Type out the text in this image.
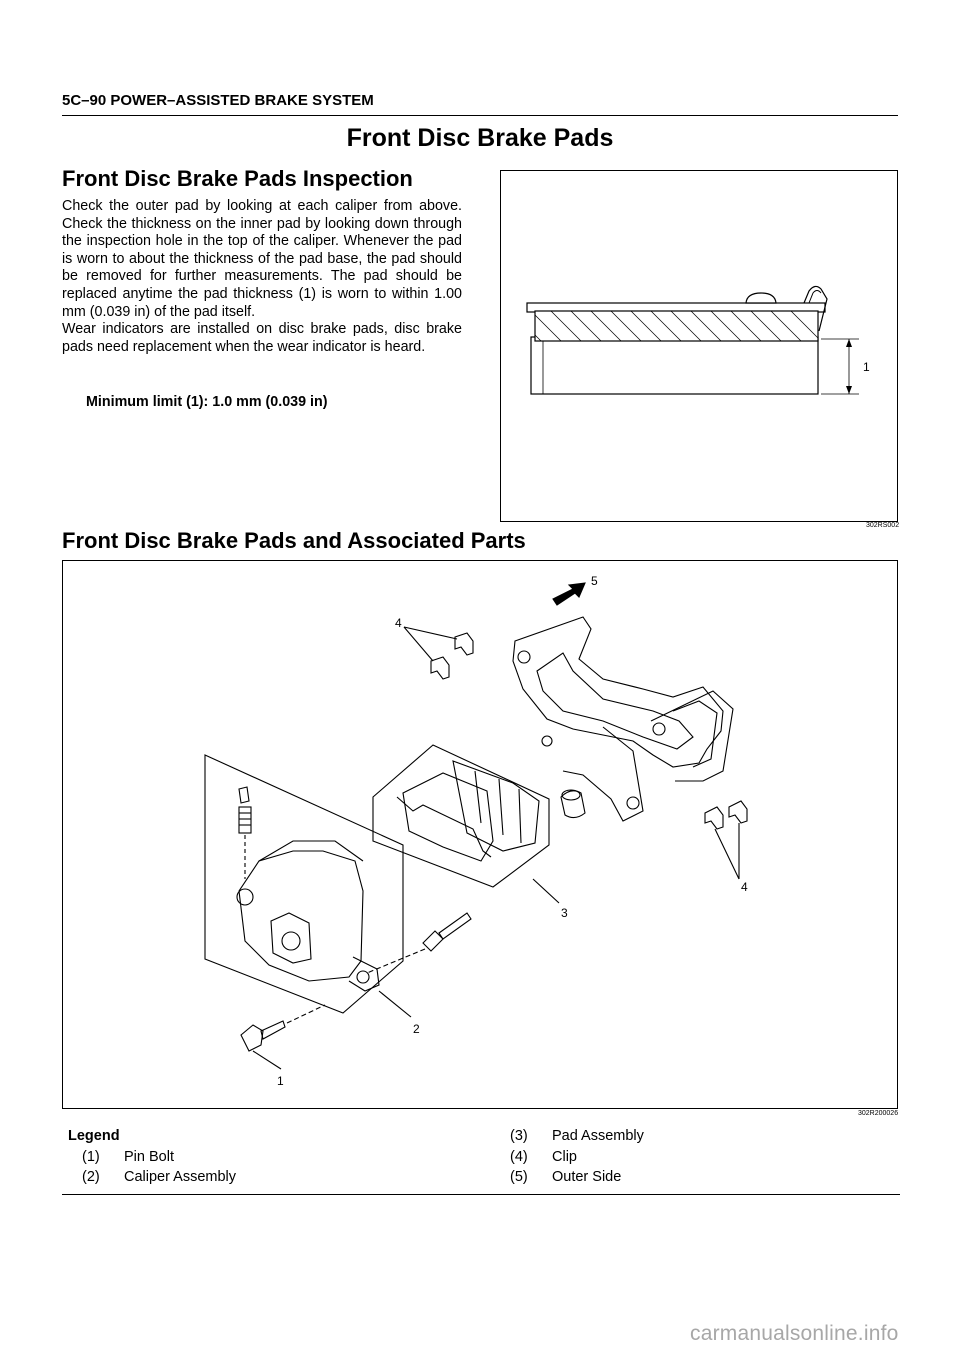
5C–90 POWER–ASSISTED BRAKE SYSTEM
Front Disc Brake Pads
Front Disc Brake Pads Inspection

Check the outer pad by looking at each caliper from above. Check the thickness on the inner pad by looking down through the inspection hole in the top of the caliper. Whenever the pad is worn to about the thickness of the pad base, the pad should be removed for further measurements. The pad should be replaced anytime the pad thickness (1) is worn to within 1.00 mm (0.039 in) of the pad itself.

Wear indicators are installed on disc brake pads, disc brake pads need replacement when the wear indicator is heard.

Minimum limit (1): 1.0 mm (0.039 in)
1
302RS002
Front Disc Brake Pads and Associated Parts
5
4
4
3
2
1
302R200026
Legend
(1)	Pin Bolt
(2)	Caliper Assembly
(3)	Pad Assembly
(4)	Clip
(5)	Outer Side
carmanualsonline.info
